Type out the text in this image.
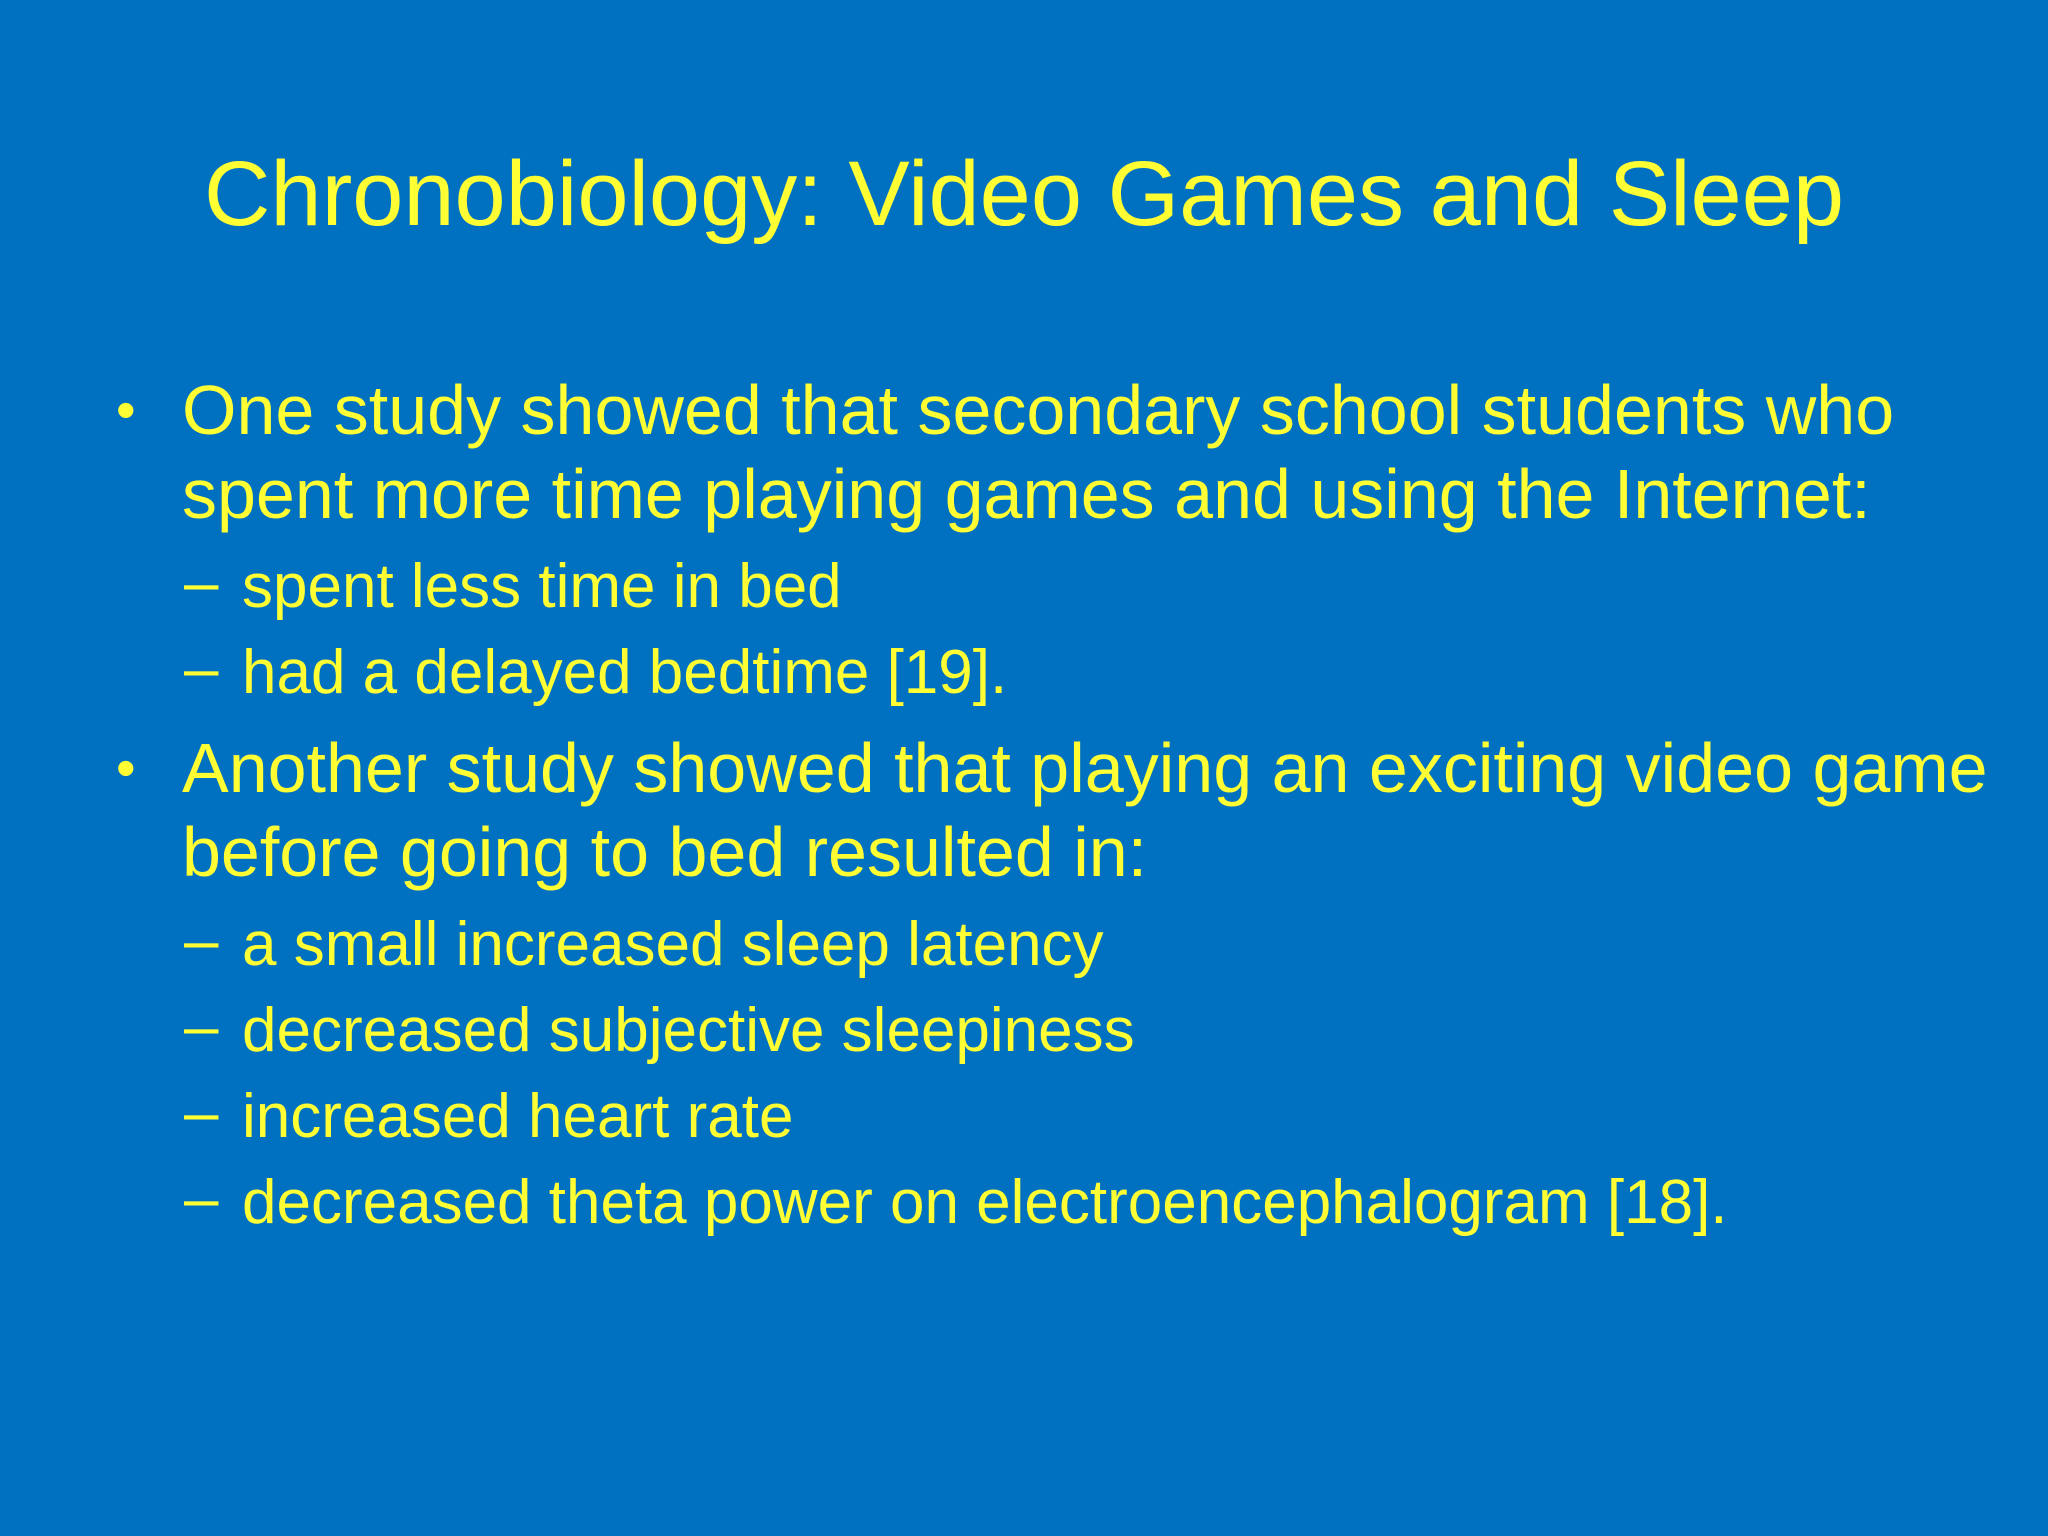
Chronobiology: Video Games and Sleep
• One study showed that secondary school students who spent more time playing games and using the Internet:
– spent less time in bed
– had a delayed bedtime [19].
• Another study showed that playing an exciting video game before going to bed resulted in:
– a small increased sleep latency
– decreased subjective sleepiness
– increased heart rate
– decreased theta power on electroencephalogram [18].
